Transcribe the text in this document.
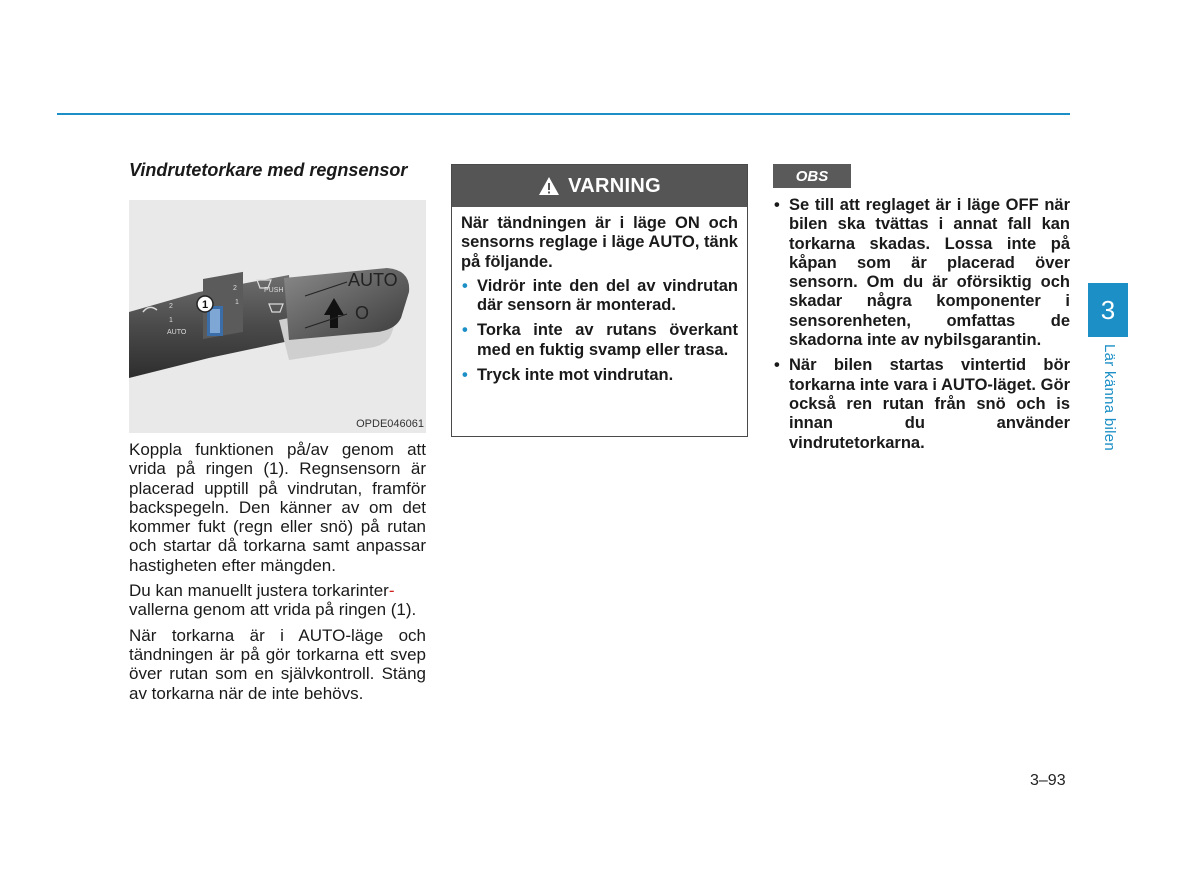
Vindrutetorkare med regnsensor

1
2
1
AUTO
2
1
PUSH
AUTO
O
OPDE046061

Koppla funktionen på/av genom att vrida på ringen (1). Regnsensorn är placerad upptill på vindrutan, framför backspegeln. Den känner av om det kommer fukt (regn eller snö) på rutan och startar då torkarna samt anpassar hastigheten efter mängden.

Du kan manuellt justera torkarinter-
vallerna genom att vrida på ringen (1).

När torkarna är i AUTO-läge och tändningen är på gör torkarna ett svep över rutan som en självkontroll. Stäng av torkarna när de inte behövs.

VARNING

När tändningen är i läge ON och sensorns reglage i läge AUTO, tänk på följande.

• Vidrör inte den del av vindrutan där sensorn är monterad.
• Torka inte av rutans överkant med en fuktig svamp eller trasa.
• Tryck inte mot vindrutan.
OBS
• Se till att reglaget är i läge OFF när bilen ska tvättas i annat fall kan torkarna skadas. Lossa inte på kåpan som är placerad över sensorn. Om du är oförsiktig och skadar några komponenter i sensorenheten, omfattas de skadorna inte av nybilsgarantin.
• När bilen startas vintertid bör torkarna inte vara i AUTO-läget. Gör också ren rutan från snö och is innan du använder vindrutetorkarna.
3
Lär känna bilen
3–93
